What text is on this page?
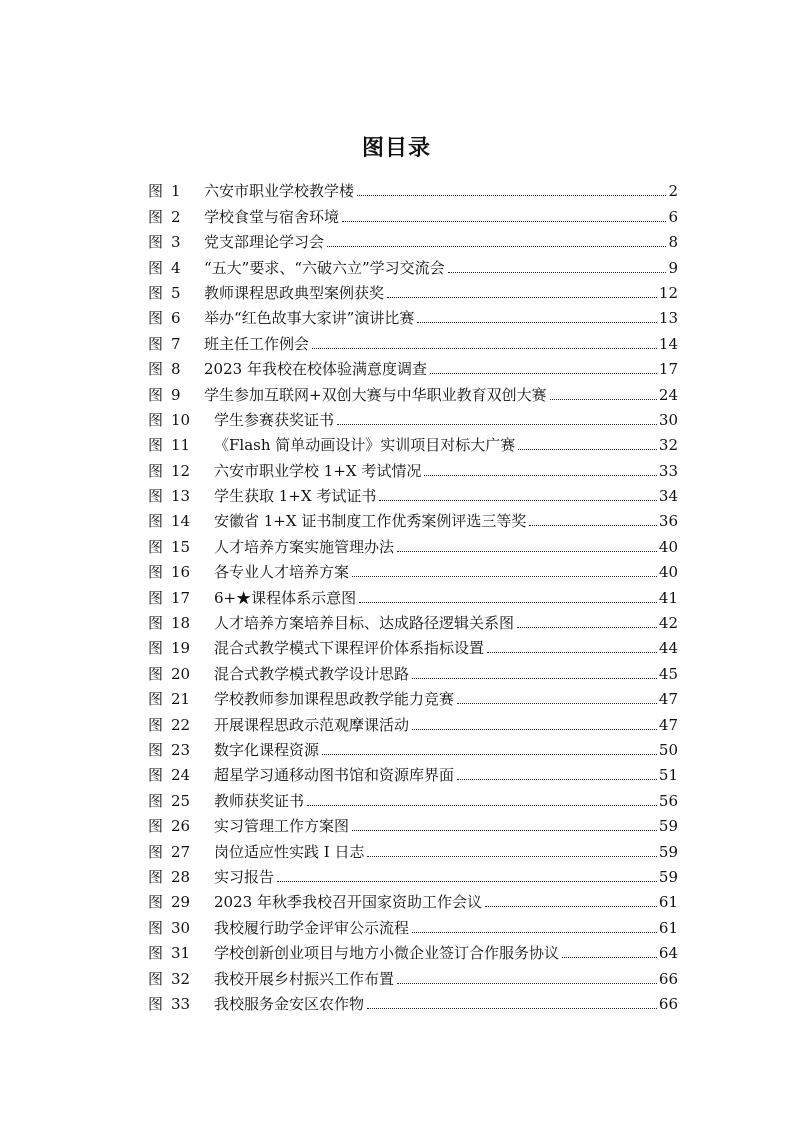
图目录
图 1	六安市职业学校教学楼	2
图 2	学校食堂与宿舍环境	6
图 3	党支部理论学习会	8
图 4	“五大”要求、“六破六立”学习交流会	9
图 5	教师课程思政典型案例获奖	12
图 6	举办“红色故事大家讲”演讲比赛	13
图 7	班主任工作例会	14
图 8	2023 年我校在校体验满意度调查	17
图 9	学生参加互联网+双创大赛与中华职业教育双创大赛	24
图 10	学生参赛获奖证书	30
图 11	《Flash 简单动画设计》实训项目对标大广赛	32
图 12	六安市职业学校 1+X 考试情况	33
图 13	学生获取 1+X 考试证书	34
图 14	安徽省 1+X 证书制度工作优秀案例评选三等奖	36
图 15	人才培养方案实施管理办法	40
图 16	各专业人才培养方案	40
图 17	6+★课程体系示意图	41
图 18	人才培养方案培养目标、达成路径逻辑关系图	42
图 19	混合式教学模式下课程评价体系指标设置	44
图 20	混合式教学模式教学设计思路	45
图 21	学校教师参加课程思政教学能力竞赛	47
图 22	开展课程思政示范观摩课活动	47
图 23	数字化课程资源	50
图 24	超星学习通移动图书馆和资源库界面	51
图 25	教师获奖证书	56
图 26	实习管理工作方案图	59
图 27	岗位适应性实践 I 日志	59
图 28	实习报告	59
图 29	2023 年秋季我校召开国家资助工作会议	61
图 30	我校履行助学金评审公示流程	61
图 31	学校创新创业项目与地方小微企业签订合作服务协议	64
图 32	我校开展乡村振兴工作布置	66
图 33	我校服务金安区农作物	66
